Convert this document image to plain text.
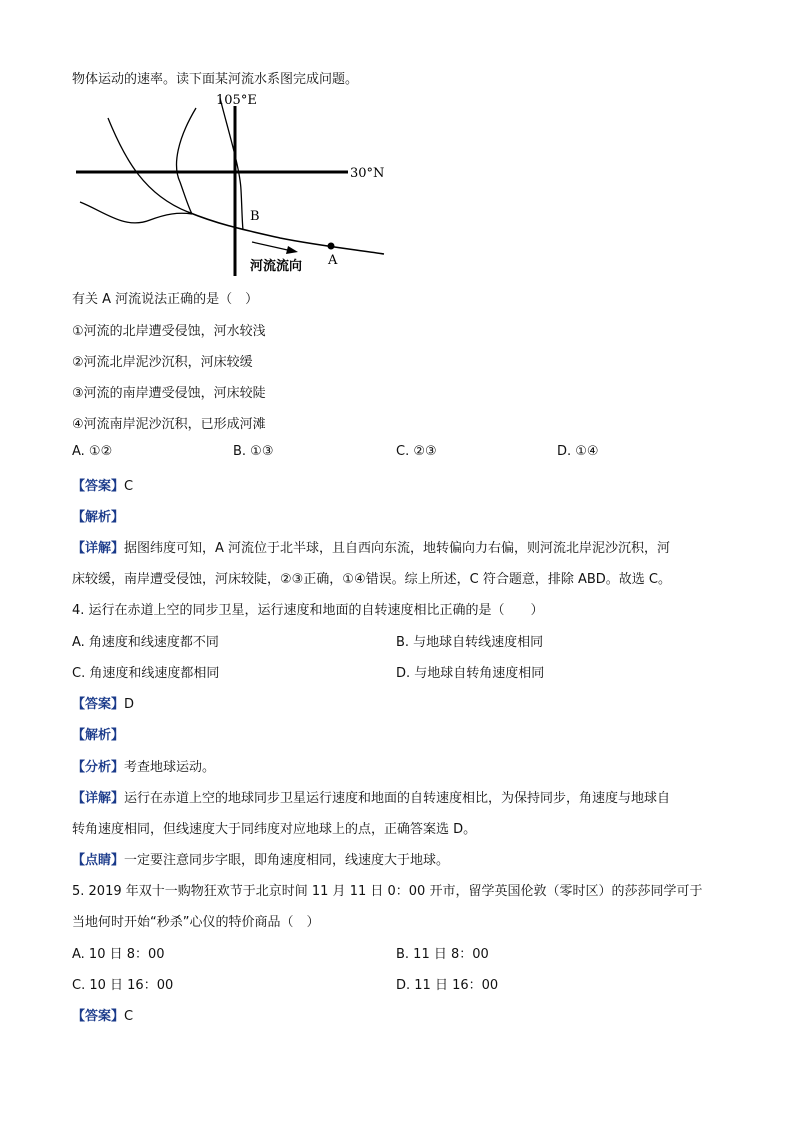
物体运动的速率。读下面某河流水系图完成问题。
A
B
105°E
30°N
河流流向
有关 A 河流说法正确的是（　）
①河流的北岸遭受侵蚀，河水较浅
②河流北岸泥沙沉积，河床较缓
③河流的南岸遭受侵蚀，河床较陡
④河流南岸泥沙沉积，已形成河滩
A. ①②	B. ①③	C. ②③	D. ①④
【答案】C
【解析】
【详解】据图纬度可知，A 河流位于北半球，且自西向东流，地转偏向力右偏，则河流北岸泥沙沉积，河
床较缓，南岸遭受侵蚀，河床较陡，②③正确，①④错误。综上所述，C 符合题意，排除 ABD。故选 C。
4. 运行在赤道上空的同步卫星，运行速度和地面的自转速度相比正确的是（　　）
A. 角速度和线速度都不同	B. 与地球自转线速度相同
C. 角速度和线速度都相同	D. 与地球自转角速度相同
【答案】D
【解析】
【分析】考查地球运动。
【详解】运行在赤道上空的地球同步卫星运行速度和地面的自转速度相比，为保持同步，角速度与地球自
转角速度相同，但线速度大于同纬度对应地球上的点，正确答案选 D。
【点睛】一定要注意同步字眼，即角速度相同，线速度大于地球。
5. 2019 年双十一购物狂欢节于北京时间 11 月 11 日 0：00 开市，留学英国伦敦（零时区）的莎莎同学可于
当地何时开始“秒杀”心仪的特价商品（　）
A. 10 日 8：00	B. 11 日 8：00
C. 10 日 16：00	D. 11 日 16：00
【答案】C
